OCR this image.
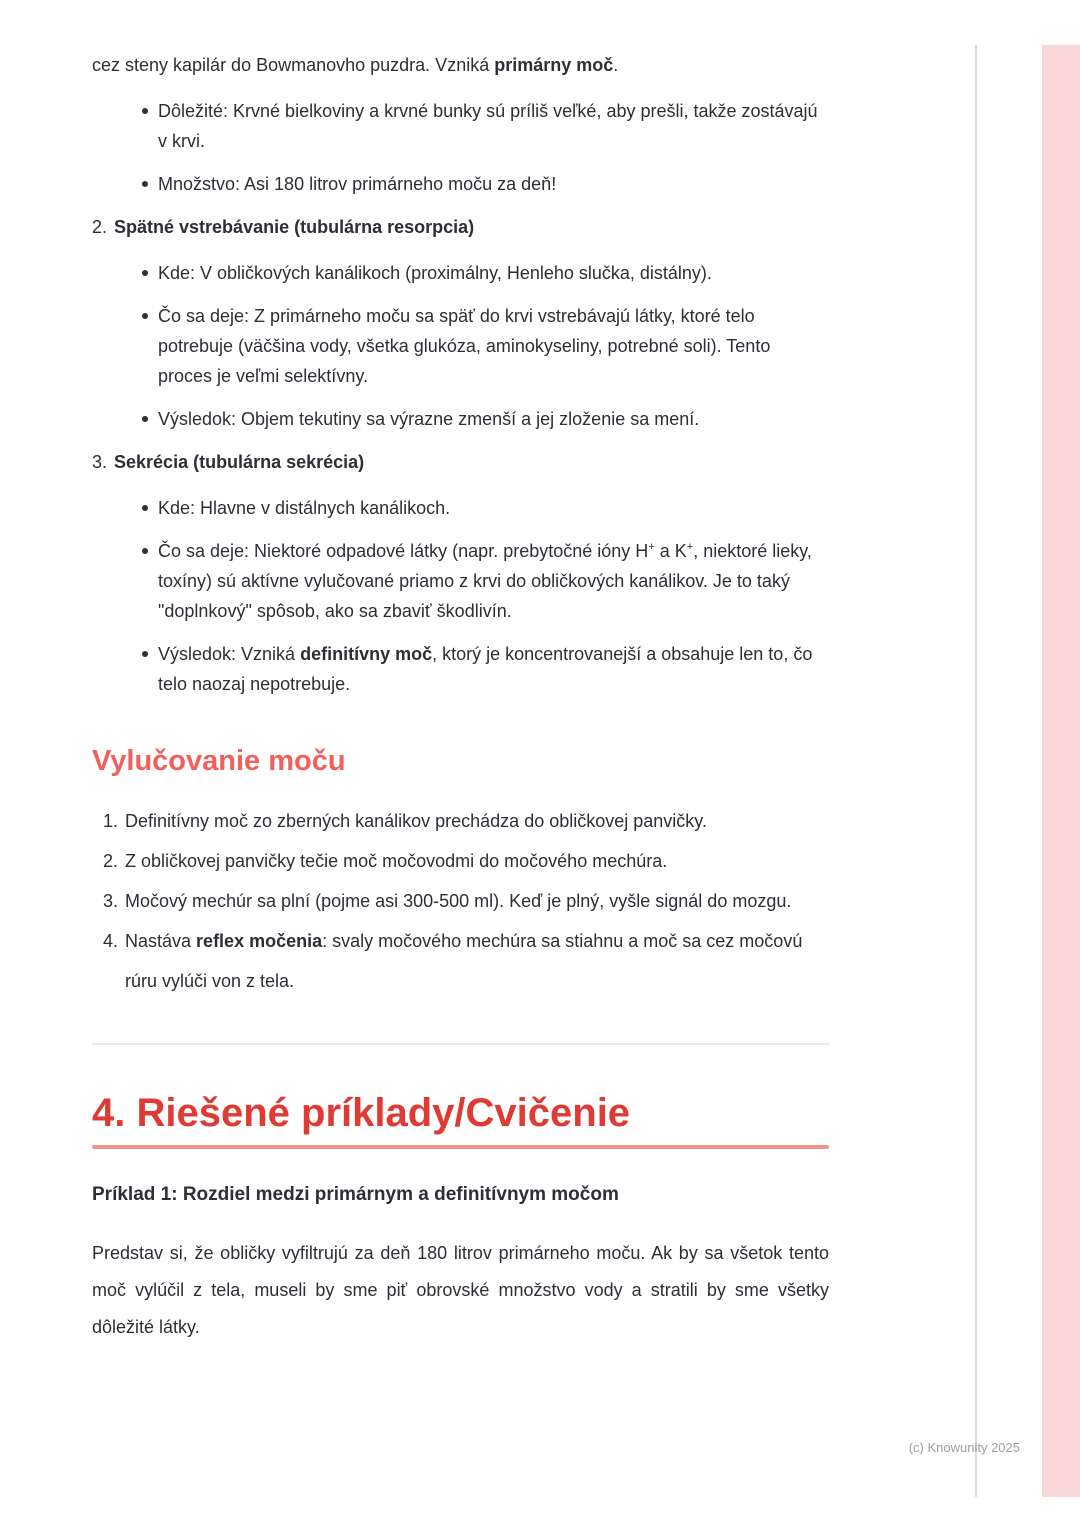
cez steny kapilár do Bowmanovho puzdra. Vzniká primárny moč.

Dôležité: Krvné bielkoviny a krvné bunky sú príliš veľké, aby prešli, takže zostávajú v krvi.
Množstvo: Asi 180 litrov primárneho moču za deň!

2. Spätné vstrebávanie (tubulárna resorpcia)

Kde: V obličkových kanálikoch (proximálny, Henleho slučka, distálny).
Čo sa deje: Z primárneho moču sa späť do krvi vstrebávajú látky, ktoré telo potrebuje (väčšina vody, všetka glukóza, aminokyseliny, potrebné soli). Tento proces je veľmi selektívny.
Výsledok: Objem tekutiny sa výrazne zmenší a jej zloženie sa mení.

3. Sekrécia (tubulárna sekrécia)

Kde: Hlavne v distálnych kanálikoch.
Čo sa deje: Niektoré odpadové látky (napr. prebytočné ióny H+ a K+, niektoré lieky, toxíny) sú aktívne vylučované priamo z krvi do obličkových kanálikov. Je to taký "doplnkový" spôsob, ako sa zbaviť škodlivín.
Výsledok: Vzniká definitívny moč, ktorý je koncentrovanejší a obsahuje len to, čo telo naozaj nepotrebuje.
Vylučovanie moču
1. Definitívny moč zo zberných kanálikov prechádza do obličkovej panvičky.
2. Z obličkovej panvičky tečie moč močovodmi do močového mechúra.
3. Močový mechúr sa plní (pojme asi 300-500 ml). Keď je plný, vyšle signál do mozgu.
4. Nastáva reflex močenia: svaly močového mechúra sa stiahnu a moč sa cez močovú rúru vylúči von z tela.
4. Riešené príklady/Cvičenie

Príklad 1: Rozdiel medzi primárnym a definitívnym močom

Predstav si, že obličky vyfiltrujú za deň 180 litrov primárneho moču. Ak by sa všetok tento moč vylúčil z tela, museli by sme piť obrovské množstvo vody a stratili by sme všetky dôležité látky.

(c) Knowunity 2025
